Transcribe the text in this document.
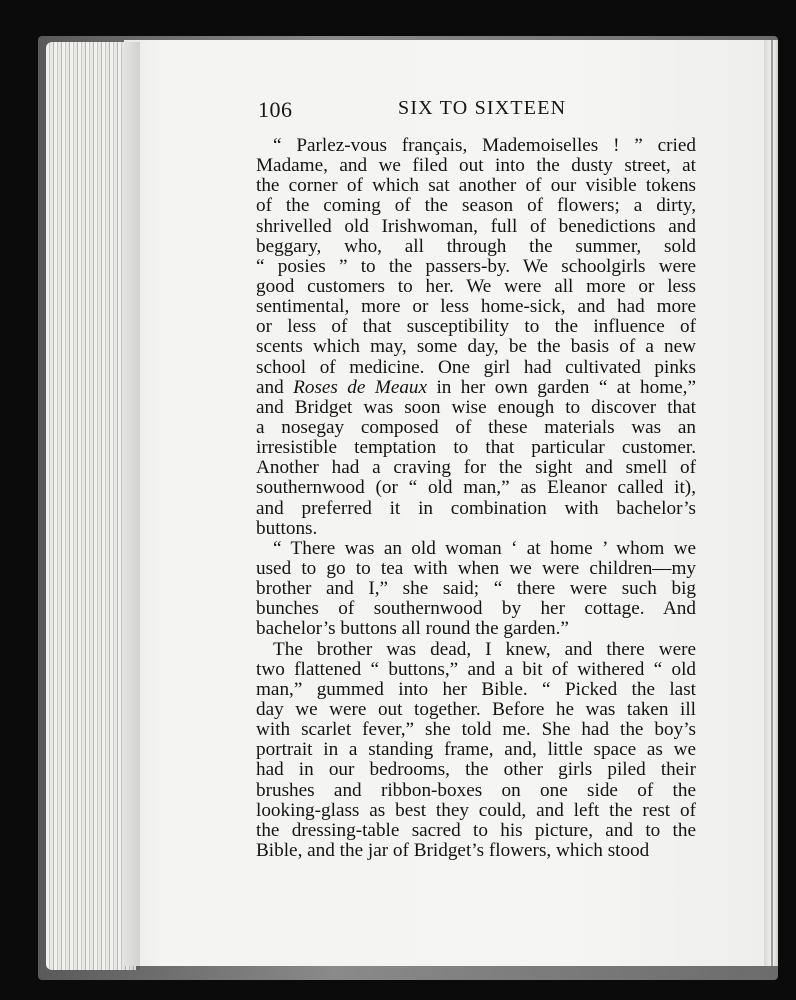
106	SIX TO SIXTEEN
“ Parlez-vous français, Mademoiselles ! ” cried
Madame, and we filed out into the dusty street, at
the corner of which sat another of our visible tokens
of the coming of the season of flowers; a dirty,
shrivelled old Irishwoman, full of benedictions and
beggary, who, all through the summer, sold
“ posies ” to the passers-by. We schoolgirls were
good customers to her. We were all more or less
sentimental, more or less home-sick, and had more
or less of that susceptibility to the influence of
scents which may, some day, be the basis of a new
school of medicine. One girl had cultivated pinks
and Roses de Meaux in her own garden “ at home,”
and Bridget was soon wise enough to discover that
a nosegay composed of these materials was an
irresistible temptation to that particular customer.
Another had a craving for the sight and smell of
southernwood (or “ old man,” as Eleanor called it),
and preferred it in combination with bachelor’s
buttons.
“ There was an old woman ‘ at home ’ whom we
used to go to tea with when we were children—my
brother and I,” she said; “ there were such big
bunches of southernwood by her cottage. And
bachelor’s buttons all round the garden.”
The brother was dead, I knew, and there were
two flattened “ buttons,” and a bit of withered “ old
man,” gummed into her Bible. “ Picked the last
day we were out together. Before he was taken ill
with scarlet fever,” she told me. She had the boy’s
portrait in a standing frame, and, little space as we
had in our bedrooms, the other girls piled their
brushes and ribbon-boxes on one side of the
looking-glass as best they could, and left the rest of
the dressing-table sacred to his picture, and to the
Bible, and the jar of Bridget’s flowers, which stood
